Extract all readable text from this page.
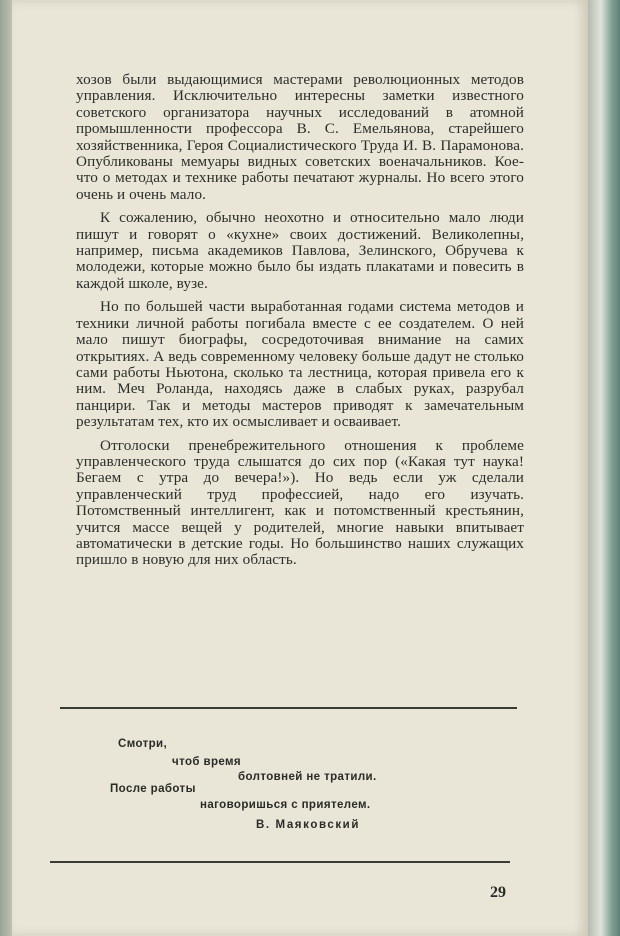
хозов были выдающимися мастерами революционных методов управления. Исключительно интересны заметки известного советского организатора научных исследований в атомной промышленности профессора В. С. Емельянова, старейшего хозяйственника, Героя Социалистического Труда И. В. Парамонова. Опубликованы мемуары видных советских военачальников. Кое-что о методах и технике работы печатают журналы. Но всего этого очень и очень мало.

К сожалению, обычно неохотно и относительно мало люди пишут и говорят о «кухне» своих достижений. Великолепны, например, письма академиков Павлова, Зелинского, Обручева к молодежи, которые можно было бы издать плакатами и повесить в каждой школе, вузе.

Но по большей части выработанная годами система методов и техники личной работы погибала вместе с ее создателем. О ней мало пишут биографы, сосредоточивая внимание на самих открытиях. А ведь современному человеку больше дадут не столько сами работы Ньютона, сколько та лестница, которая привела его к ним. Меч Роланда, находясь даже в слабых руках, разрубал панцири. Так и методы мастеров приводят к замечательным результатам тех, кто их осмысливает и осваивает.

Отголоски пренебрежительного отношения к проблеме управленческого труда слышатся до сих пор («Какая тут наука! Бегаем с утра до вечера!»). Но ведь если уж сделали управленческий труд профессией, надо его изучать. Потомственный интеллигент, как и потомственный крестьянин, учится массе вещей у родителей, многие навыки впитывает автоматически в детские годы. Но большинство наших служащих пришло в новую для них область.

Смотри,
чтоб время
болтовней не тратили.
После работы
наговоришься с приятелем.
В. Маяковский
29
